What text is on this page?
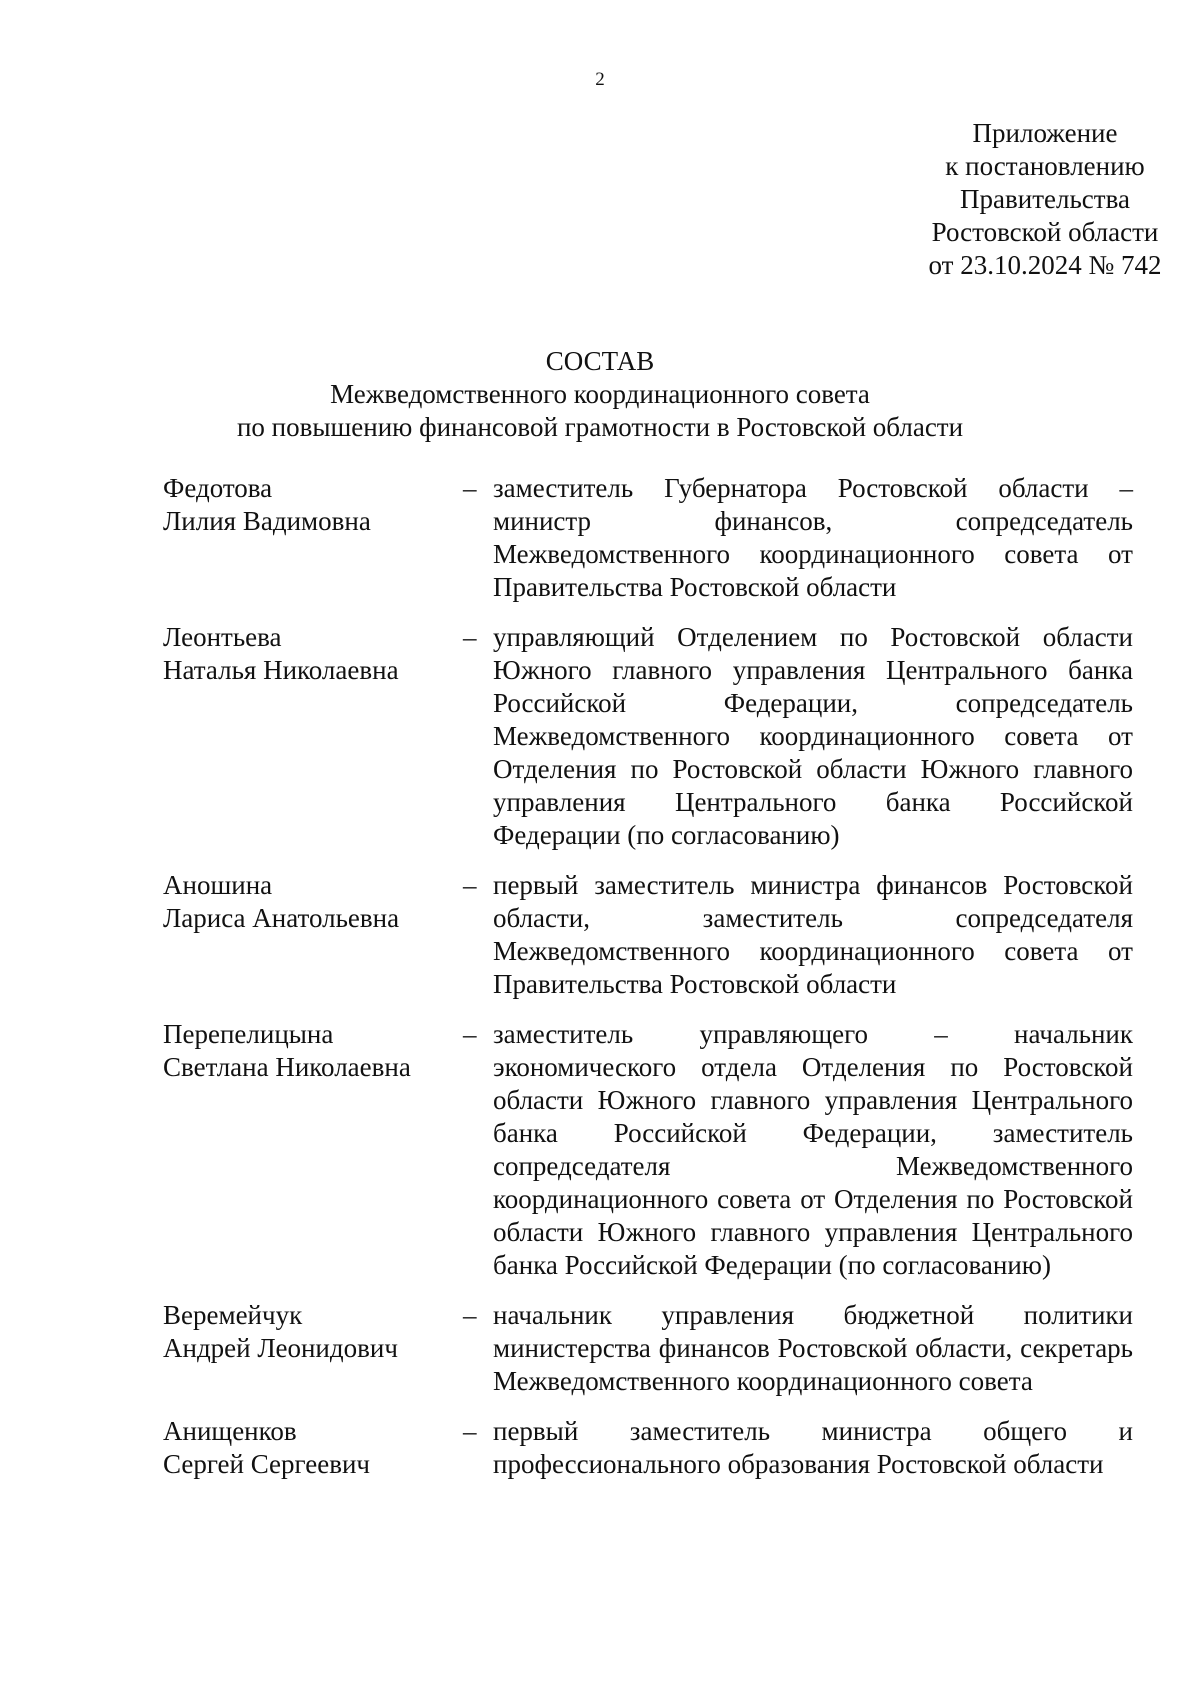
2
Приложение
к постановлению
Правительства
Ростовской области
от 23.10.2024 № 742
СОСТАВ
Межведомственного координационного совета
по повышению финансовой грамотности в Ростовской области
Федотова
Лилия Вадимовна
– заместитель Губернатора Ростовской области – министр финансов, сопредседатель Межведомственного координационного совета от Правительства Ростовской области
Леонтьева
Наталья Николаевна
– управляющий Отделением по Ростовской области Южного главного управления Центрального банка Российской Федерации, сопредседатель Межведомственного координационного совета от Отделения по Ростовской области Южного главного управления Центрального банка Российской Федерации (по согласованию)
Аношина
Лариса Анатольевна
– первый заместитель министра финансов Ростовской области, заместитель сопредседателя Межведомственного координационного совета от Правительства Ростовской области
Перепелицына
Светлана Николаевна
– заместитель управляющего – начальник экономического отдела Отделения по Ростовской области Южного главного управления Центрального банка Российской Федерации, заместитель сопредседателя Межведомственного координационного совета от Отделения по Ростовской области Южного главного управления Центрального банка Российской Федерации (по согласованию)
Веремейчук
Андрей Леонидович
– начальник управления бюджетной политики министерства финансов Ростовской области, секретарь Межведомственного координационного совета
Анищенков
Сергей Сергеевич
– первый заместитель министра общего и профессионального образования Ростовской области
